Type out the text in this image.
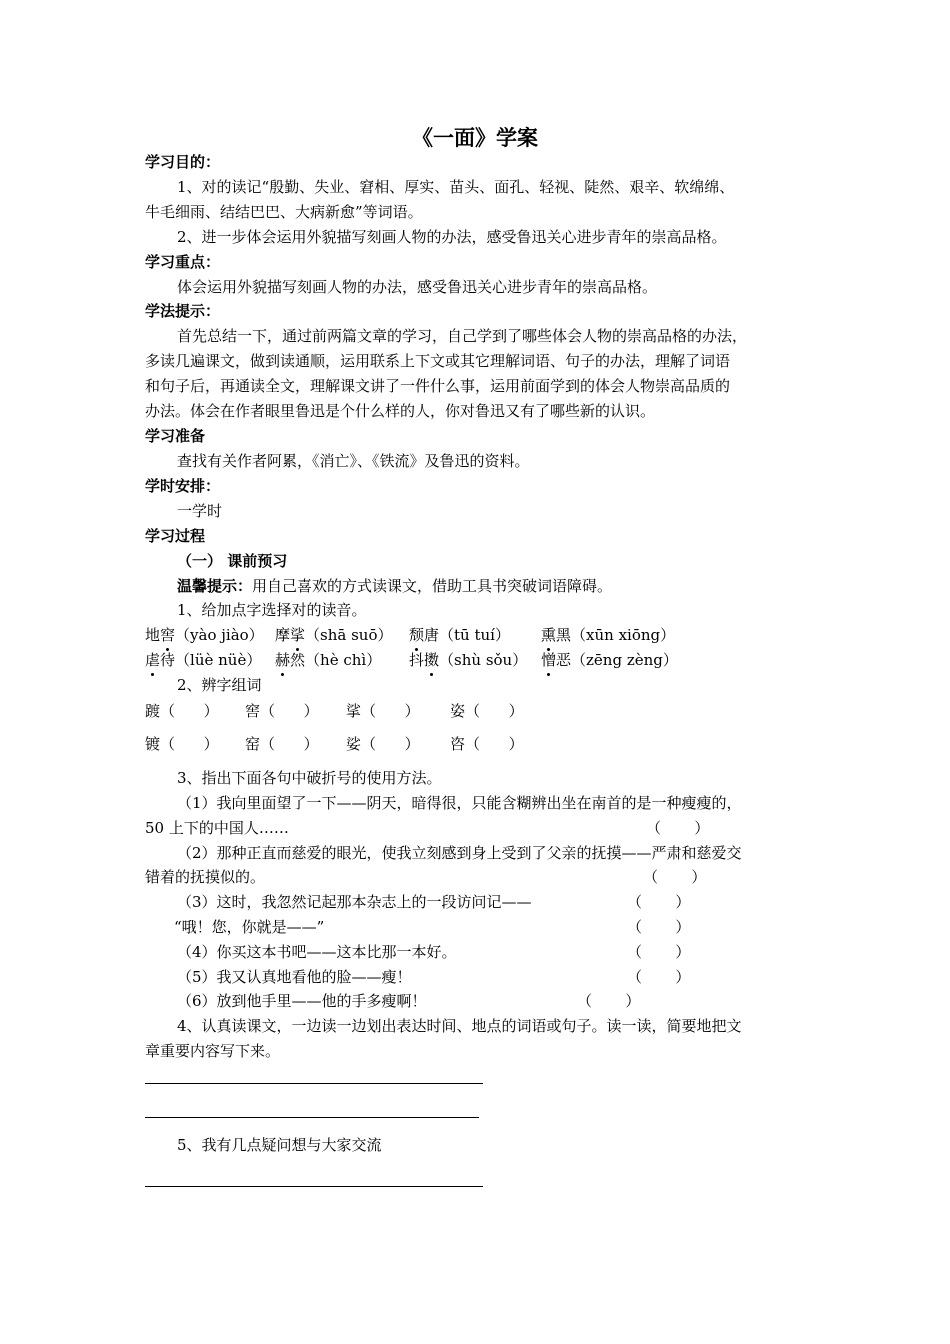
《一面》学案
学习目的：
1、对的读记“殷勤、失业、窘相、厚实、苗头、面孔、轻视、陡然、艰辛、软绵绵、
牛毛细雨、结结巴巴、大病新愈”等词语。
2、进一步体会运用外貌描写刻画人物的办法，感受鲁迅关心进步青年的崇高品格。
学习重点：
体会运用外貌描写刻画人物的办法，感受鲁迅关心进步青年的崇高品格。
学法提示：
首先总结一下，通过前两篇文章的学习，自己学到了哪些体会人物的崇高品格的办法，
多读几遍课文，做到读通顺，运用联系上下文或其它理解词语、句子的办法，理解了词语
和句子后，再通读全文，理解课文讲了一件什么事，运用前面学到的体会人物崇高品质的
办法。体会在作者眼里鲁迅是个什么样的人，你对鲁迅又有了哪些新的认识。
学习准备
查找有关作者阿累，《消亡》、《铁流》及鲁迅的资料。
学时安排：
一学时
学习过程
（一） 课前预习
温馨提示：用自己喜欢的方式读课文，借助工具书突破词语障碍。
1、给加点字选择对的读音。
地窖（yào jiào） 摩挲（shā suō） 颓唐（tū tuí） 熏黑（xūn xiōng）
虐待（lüè nüè） 赫然（hè chì） 抖擞（shù sǒu） 憎恶（zēng zèng）
2、辨字组词
踱（      ） 窖（      ） 挲（      ） 姿（      ）
镀（      ） 窑（      ） 娑（      ） 咨（      ）
3、指出下面各句中破折号的使用方法。
（1）我向里面望了一下——阴天，暗得很，只能含糊辨出坐在南首的是一种瘦瘦的，
50 上下的中国人……	（       ）
（2）那种正直而慈爱的眼光，使我立刻感到身上受到了父亲的抚摸——严肃和慈爱交
错着的抚摸似的。	（       ）
（3）这时，我忽然记起那本杂志上的一段访问记——	（       ）
“哦！您，你就是——”	（       ）
（4）你买这本书吧——这本比那一本好。	（       ）
（5）我又认真地看他的脸——瘦！	（       ）
（6）放到他手里——他的手多瘦啊！	（       ）
4、认真读课文，一边读一边划出表达时间、地点的词语或句子。读一读，简要地把文
章重要内容写下来。
5、我有几点疑问想与大家交流
